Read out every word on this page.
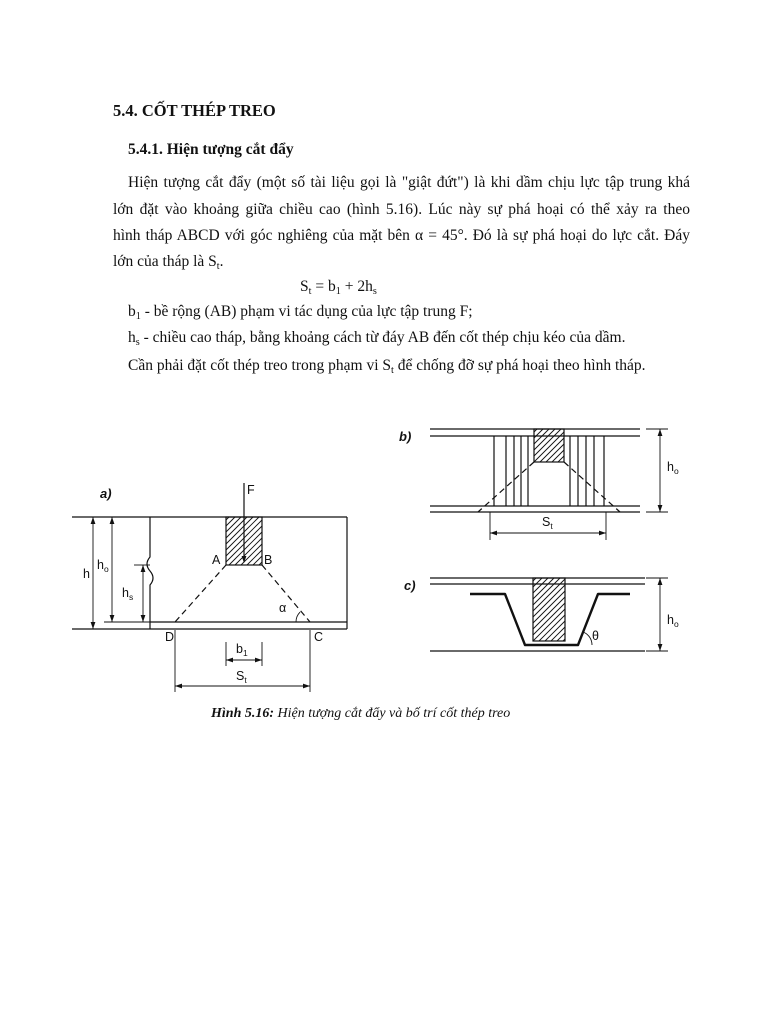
a)	F
A	B
D	C
α
h
$h_o$
$h_s$
$b_1$
$S_t$
b)
$h_o$
$S_t$
c)
θ
$h_o$
5.4. CỐT THÉP TREO
5.4.1. Hiện tượng cắt đẩy
Hiện tượng cắt đẩy (một số tài liệu gọi là "giật đứt") là khi dầm chịu lực tập trung khá
lớn đặt vào khoảng giữa chiều cao (hình 5.16). Lúc này sự phá hoại có thể xảy ra theo
hình tháp ABCD với góc nghiêng của mặt bên α = 45°. Đó là sự phá hoại do lực cắt. Đáy
lớn của tháp là St.
St = b1 + 2hs
b1 - bề rộng (AB) phạm vi tác dụng của lực tập trung F;
hs - chiều cao tháp, bằng khoảng cách từ đáy AB đến cốt thép chịu kéo của dầm.
Cần phải đặt cốt thép treo trong phạm vi St để chống đỡ sự phá hoại theo hình tháp.
Hình 5.16: Hiện tượng cắt đẩy và bố trí cốt thép treo
